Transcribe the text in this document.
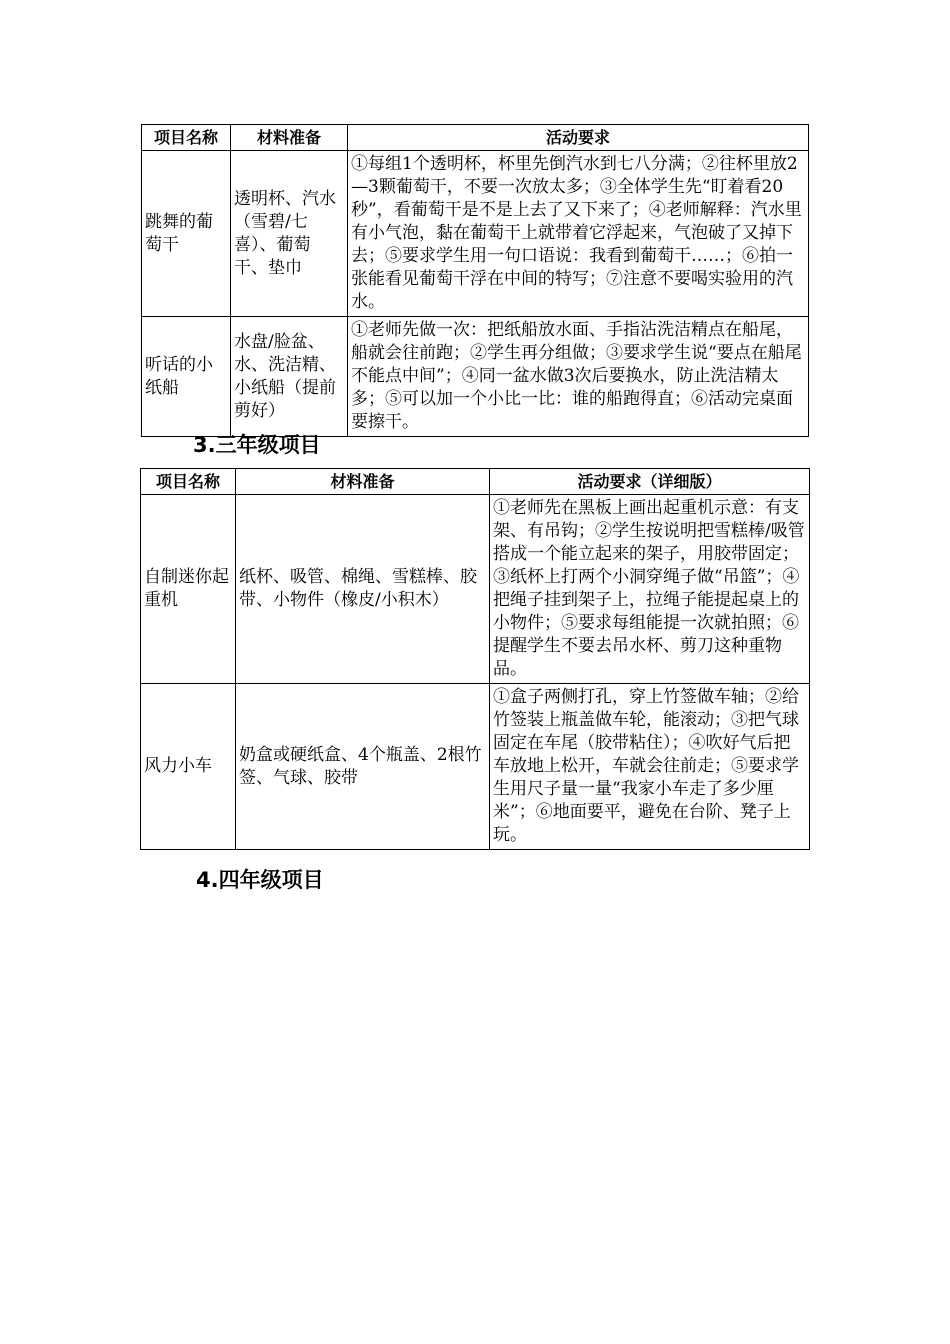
项目名称	材料准备	活动要求
跳舞的葡萄干	透明杯、汽水（雪碧/七喜）、葡萄干、垫巾	①每组1个透明杯，杯里先倒汽水到七八分满；②往杯里放2—3颗葡萄干，不要一次放太多；③全体学生先“盯着看20秒”，看葡萄干是不是上去了又下来了；④老师解释：汽水里有小气泡，黏在葡萄干上就带着它浮起来，气泡破了又掉下去；⑤要求学生用一句口语说：我看到葡萄干……；⑥拍一张能看见葡萄干浮在中间的特写；⑦注意不要喝实验用的汽水。
听话的小纸船	水盘/脸盆、水、洗洁精、小纸船（提前剪好）	①老师先做一次：把纸船放水面、手指沾洗洁精点在船尾，船就会往前跑；②学生再分组做；③要求学生说“要点在船尾不能点中间”；④同一盆水做3次后要换水，防止洗洁精太多；⑤可以加一个小比一比：谁的船跑得直；⑥活动完桌面要擦干。
3.三年级项目
项目名称	材料准备	活动要求（详细版）
自制迷你起重机	纸杯、吸管、棉绳、雪糕棒、胶带、小物件（橡皮/小积木）	①老师先在黑板上画出起重机示意：有支架、有吊钩；②学生按说明把雪糕棒/吸管搭成一个能立起来的架子，用胶带固定；③纸杯上打两个小洞穿绳子做“吊篮”；④把绳子挂到架子上，拉绳子能提起桌上的小物件；⑤要求每组能提一次就拍照；⑥提醒学生不要去吊水杯、剪刀这种重物品。
风力小车	奶盒或硬纸盒、4个瓶盖、2根竹签、气球、胶带	①盒子两侧打孔，穿上竹签做车轴；②给竹签装上瓶盖做车轮，能滚动；③把气球固定在车尾（胶带粘住）；④吹好气后把车放地上松开，车就会往前走；⑤要求学生用尺子量一量“我家小车走了多少厘米”；⑥地面要平，避免在台阶、凳子上玩。
4.四年级项目
